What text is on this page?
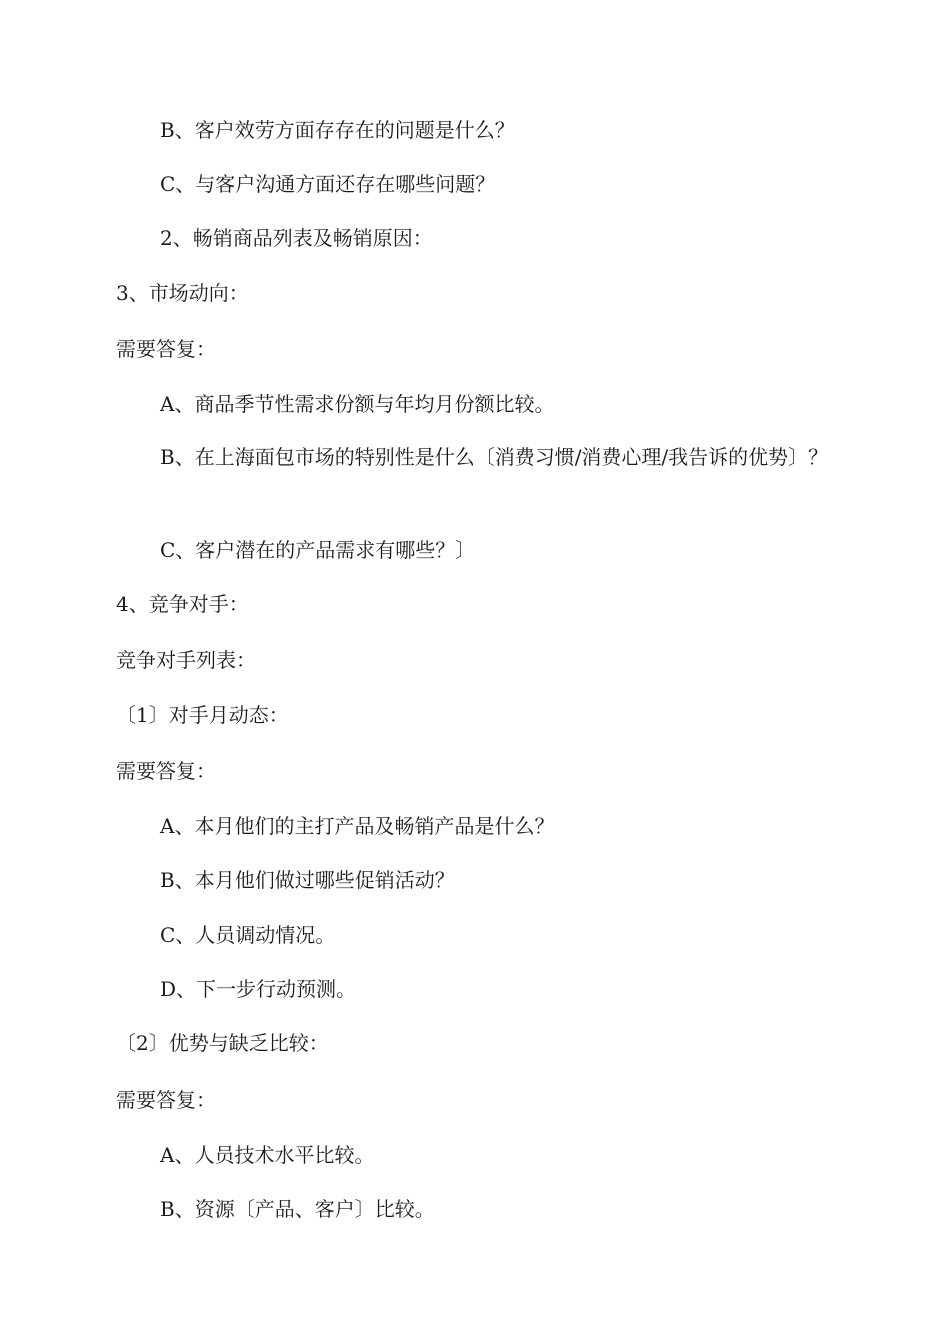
B、客户效劳方面存存在的问题是什么？
C、与客户沟通方面还存在哪些问题？
2、畅销商品列表及畅销原因：
3、市场动向：
需要答复：
A、商品季节性需求份额与年均月份额比较。
B、在上海面包市场的特别性是什么〔消费习惯/消费心理/我告诉的优势〕？
C、客户潜在的产品需求有哪些？〕
4、竞争对手：
竞争对手列表：
〔1〕对手月动态：
需要答复：
A、本月他们的主打产品及畅销产品是什么？
B、本月他们做过哪些促销活动？
C、人员调动情况。
D、下一步行动预测。
〔2〕优势与缺乏比较：
需要答复：
A、人员技术水平比较。
B、资源〔产品、客户〕比较。
